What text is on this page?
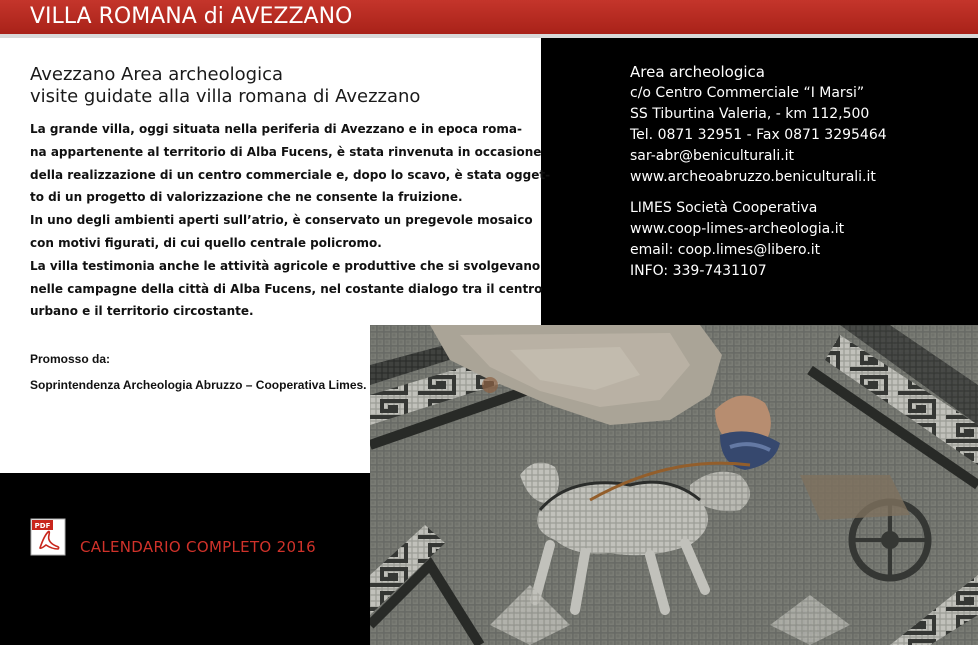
VILLA ROMANA di AVEZZANO
Avezzano Area archeologica
visite guidate alla villa romana di Avezzano

La grande villa, oggi situata nella periferia di Avezzano e in epoca roma-

na appartenente al territorio di Alba Fucens, è stata rinvenuta in occasione

della realizzazione di un centro commerciale e, dopo lo scavo, è stata ogget-

to di un progetto di valorizzazione che ne consente la fruizione.

In uno degli ambienti aperti sull’atrio, è conservato un pregevole mosaico

con motivi figurati, di cui quello centrale policromo.

La villa testimonia anche le attività agricole e produttive che si svolgevano

nelle campagne della città di Alba Fucens, nel costante dialogo tra il centro

urbano e il territorio circostante.

Promosso da:
Soprintendenza Archeologia Abruzzo – Cooperativa Limes.
Area archeologica
c/o Centro Commerciale “I Marsi”
SS Tiburtina Valeria, - km 112,500
Tel. 0871 32951 - Fax 0871 3295464
sar-abr@beniculturali.it
www.archeoabruzzo.beniculturali.it
LIMES Società Cooperativa
www.coop-limes-archeologia.it
email: coop.limes@libero.it
INFO: 339-7431107
PDF
CALENDARIO COMPLETO 2016
